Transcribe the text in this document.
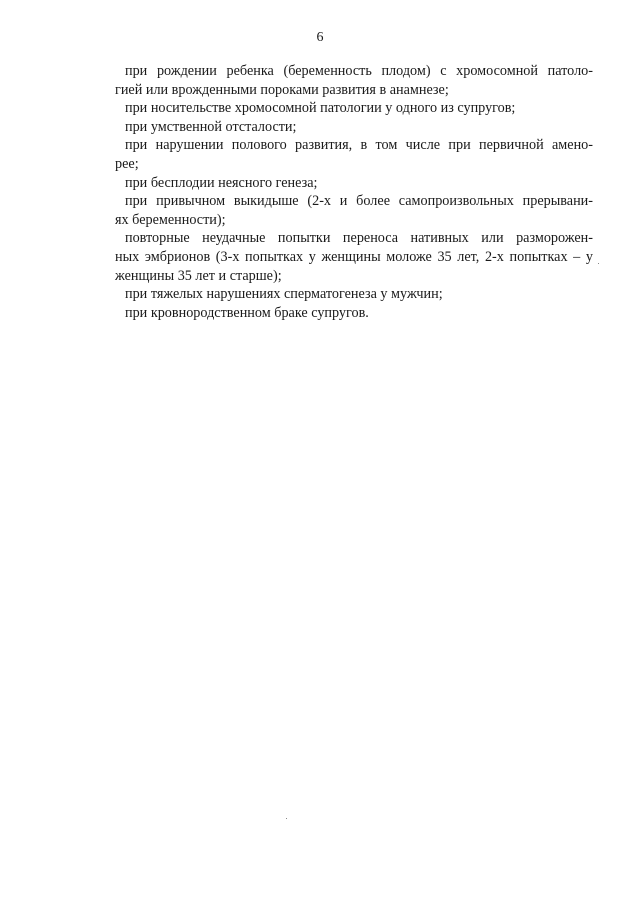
6
при рождении ребенка (беременность плодом) с хромосомной патоло-
гией или врожденными пороками развития в анамнезе;
при носительстве хромосомной патологии у одного из супругов;
при умственной отсталости;
при нарушении полового развития, в том числе при первичной амено-
рее;
при бесплодии неясного генеза;
при привычном выкидыше (2-х и более самопроизвольных прерывани-
ях беременности);
повторные неудачные попытки переноса нативных или разморожен-
ных эмбрионов (3-х попытках у женщины моложе 35 лет, 2-х попытках – у
женщины 35 лет и старше);
при тяжелых нарушениях сперматогенеза у мужчин;
при кровнородственном браке супругов.
